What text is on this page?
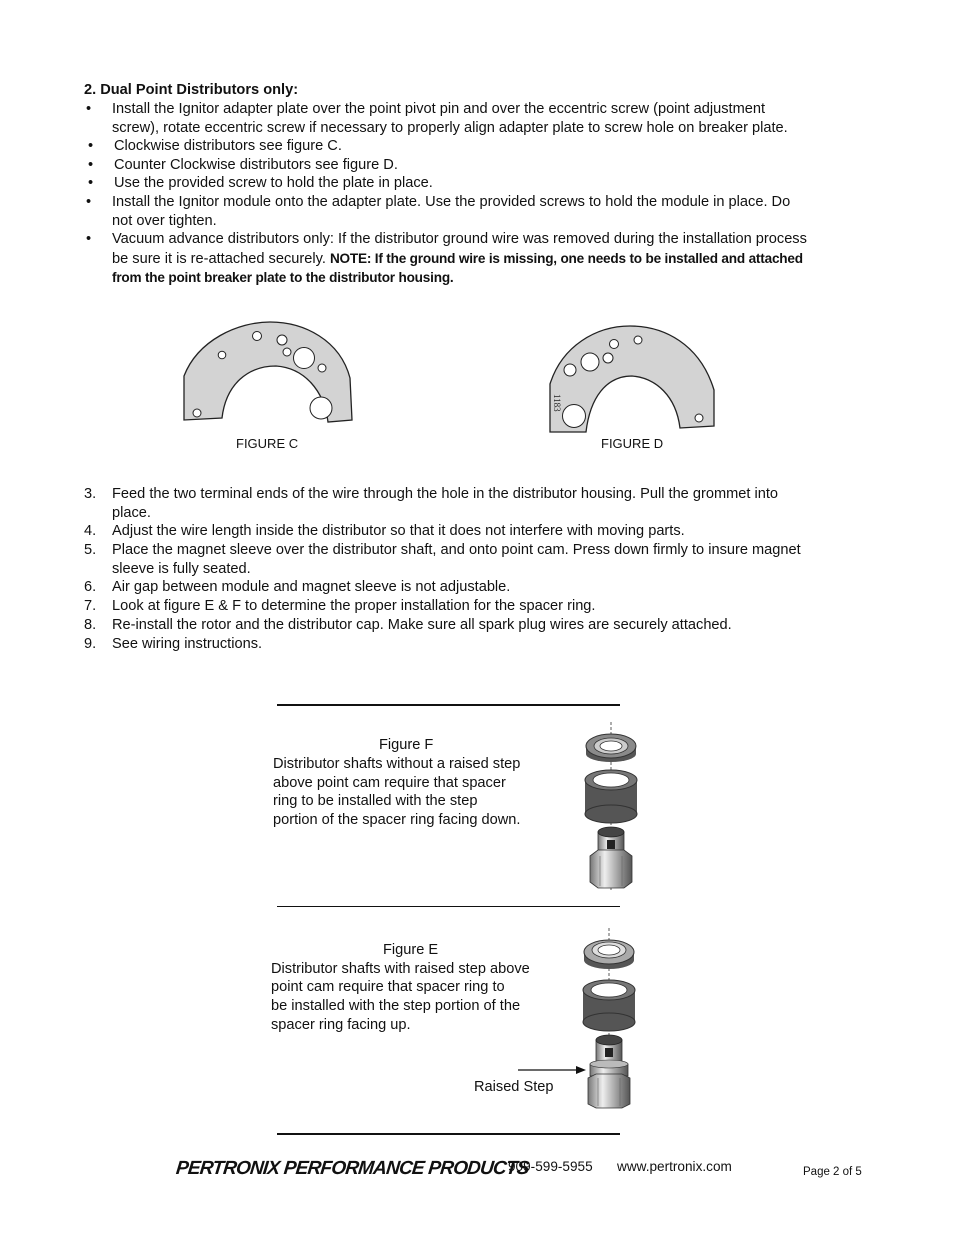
2. Dual Point Distributors only:
• Install the Ignitor adapter plate over the point pivot pin and over the eccentric screw (point adjustment
screw), rotate eccentric screw if necessary to properly align adapter plate to screw hole on breaker plate.
• Clockwise distributors see figure C.
• Counter Clockwise distributors see figure D.
• Use the provided screw to hold the plate in place.
• Install the Ignitor module onto the adapter plate. Use the provided screws to hold the module in place. Do
not over tighten.
• Vacuum advance distributors only: If the distributor ground wire was removed during the installation process
be sure it is re-attached securely. NOTE: If the ground wire is missing, one needs to be installed and attached
from the point breaker plate to the distributor housing.
FIGURE C
1183
FIGURE D
3. Feed the two terminal ends of the wire through the hole in the distributor housing. Pull the grommet into
place.
4. Adjust the wire length inside the distributor so that it does not interfere with moving parts.
5. Place the magnet sleeve over the distributor shaft, and onto point cam. Press down firmly to insure magnet
sleeve is fully seated.
6. Air gap between module and magnet sleeve is not adjustable.
7. Look at figure E & F to determine the proper installation for the spacer ring.
8. Re-install the rotor and the distributor cap. Make sure all spark plug wires are securely attached.
9. See wiring instructions.
Figure F
Distributor shafts without a raised step
above point cam require that spacer
ring to be installed with the step
portion of the spacer ring facing down.
Figure E
Distributor shafts with raised step above
point cam require that spacer ring to
be installed with the step portion of the
spacer ring facing up.
Raised Step
PERTRONIX PERFORMANCE PRODUCTS
909-599-5955 www.pertronix.com	Page 2 of 5
